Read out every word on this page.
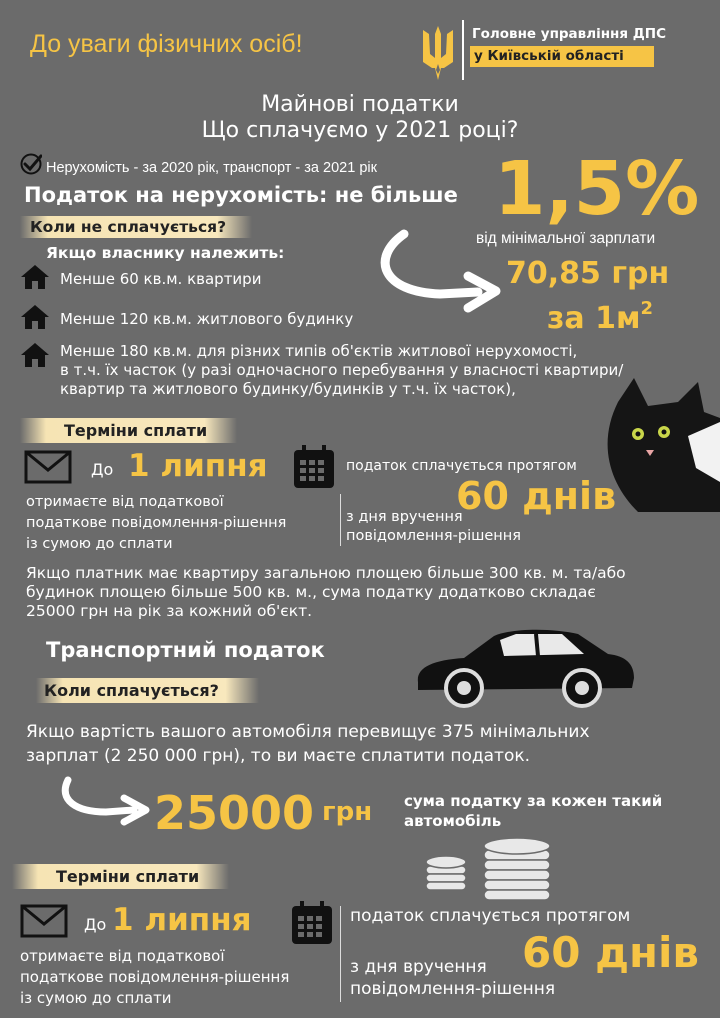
До уваги фізичних осіб!	Головне управління ДПС
у Київській області
Майнові податки
Що сплачуємо у 2021 році?
Нерухомість - за 2020 рік, транспорт - за 2021 рік
Податок на нерухомість: не більше 1,5%
від мінімальної зарплати
Коли не сплачується?
Якщо власнику належить:
70,85 грн
за $1м^2$
Менше 60 кв.м. квартири
Менше 120 кв.м. житлового будинку
Менше 180 кв.м. для різних типів об'єктів житлової нерухомості,
в т.ч. їх часток (у разі одночасного перебування у власності квартири/
квартир та житлового будинку/будинків у т.ч. їх часток),
Терміни сплати
До 1 липня	податок сплачується протягом
60 днів
отримаєте від податкової
податкове повідомлення-рішення
із сумою до сплати
з дня вручення
повідомлення-рішення
Якщо платник має квартиру загальною площею більше 300 кв. м. та/або
будинок площею більше 500 кв. м., сума податку додатково складає
25000 грн на рік за кожний об'єкт.
Транспортний податок
Коли сплачується?
Якщо вартість вашого автомобіля перевищує 375 мінімальних
зарплат (2 250 000 грн), то ви маєте сплатити податок.
25000 грн сума податку за кожен такий
автомобіль
Терміни сплати
До 1 липня	податок сплачується протягом
отримаєте від податкової
податкове повідомлення-рішення
із сумою до сплати
з дня вручення
повідомлення-рішення
60 днів
